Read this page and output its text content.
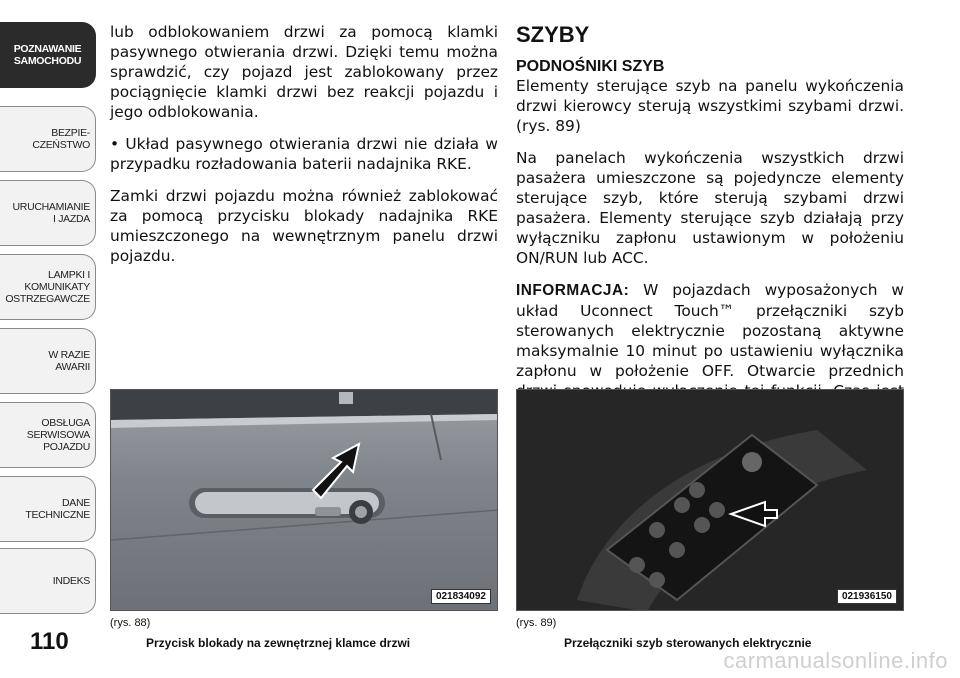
POZNAWANIE
SAMOCHODU
BEZPIE-
CZEŃSTWO
URUCHAMIANIE
I JAZDA
LAMPKI I
KOMUNIKATY
OSTRZEGAWCZE
W RAZIE
AWARII
OBSŁUGA
SERWISOWA
POJAZDU
DANE
TECHNICZNE
INDEKS
110

lub odblokowaniem drzwi za pomocą klamki pasywnego otwierania drzwi. Dzięki temu można sprawdzić, czy pojazd jest zablokowany przez pociągnięcie klamki drzwi bez reakcji pojazdu i jego odblokowania.

• Układ pasywnego otwierania drzwi nie działa w przypadku rozładowania baterii nadajnika RKE.

Zamki drzwi pojazdu można również zablokować za pomocą przycisku blokady nadajnika RKE umieszczonego na wewnętrznym panelu drzwi pojazdu.

SZYBY
PODNOŚNIKI SZYB

Elementy sterujące szyb na panelu wykończenia drzwi kierowcy sterują wszystkimi szybami drzwi. (rys. 89)

Na panelach wykończenia wszystkich drzwi pasażera umieszczone są pojedyncze elementy sterujące szyb, które sterują szybami drzwi pasażera. Elementy sterujące szyb działają przy wyłączniku zapłonu ustawionym w położeniu ON/RUN lub ACC.

INFORMACJA: W pojazdach wyposażonych w układ Uconnect Touch™ przełączniki szyb sterowanych elektrycznie pozostaną aktywne maksymalnie 10 minut po ustawieniu wyłącznika zapłonu w położenie OFF. Otwarcie przednich

021834092	021936150
(rys. 88)	(rys. 89)
Przycisk blokady na zewnętrznej klamce drzwi	Przełączniki szyb sterowanych elektrycznie
carmanualsonline.info
